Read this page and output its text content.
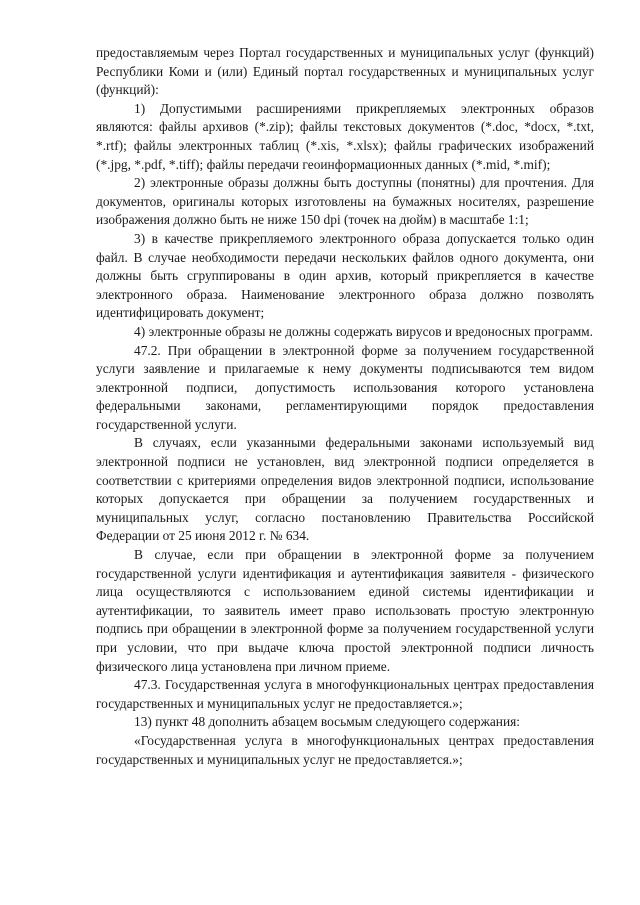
предоставляемым через Портал государственных и муниципальных услуг (функций) Республики Коми и (или) Единый портал государственных и муниципальных услуг (функций):

1) Допустимыми расширениями прикрепляемых электронных образов являются: файлы архивов (*.zip); файлы текстовых документов (*.doc, *docx, *.txt, *.rtf); файлы электронных таблиц (*.xis, *.xlsx); файлы графических изображений (*.jpg, *.pdf, *.tiff); файлы передачи геоинформационных данных (*.mid, *.mif);

2) электронные образы должны быть доступны (понятны) для прочтения. Для документов, оригиналы которых изготовлены на бумажных носителях, разрешение изображения должно быть не ниже 150 dpi (точек на дюйм) в масштабе 1:1;

3) в качестве прикрепляемого электронного образа допускается только один файл. В случае необходимости передачи нескольких файлов одного документа, они должны быть сгруппированы в один архив, который прикрепляется в качестве электронного образа. Наименование электронного образа должно позволять идентифицировать документ;

4) электронные образы не должны содержать вирусов и вредоносных программ.

47.2. При обращении в электронной форме за получением государственной услуги заявление и прилагаемые к нему документы подписываются тем видом электронной подписи, допустимость использования которого установлена федеральными законами, регламентирующими порядок предоставления государственной услуги.

В случаях, если указанными федеральными законами используемый вид электронной подписи не установлен, вид электронной подписи определяется в соответствии с критериями определения видов электронной подписи, использование которых допускается при обращении за получением государственных и муниципальных услуг, согласно постановлению Правительства Российской Федерации от 25 июня 2012 г. № 634.

В случае, если при обращении в электронной форме за получением государственной услуги идентификация и аутентификация заявителя - физического лица осуществляются с использованием единой системы идентификации и аутентификации, то заявитель имеет право использовать простую электронную подпись при обращении в электронной форме за получением государственной услуги при условии, что при выдаче ключа простой электронной подписи личность физического лица установлена при личном приеме.

47.3. Государственная услуга в многофункциональных центрах предоставления государственных и муниципальных услуг не предоставляется.»;

13) пункт 48 дополнить абзацем восьмым следующего содержания:

«Государственная услуга в многофункциональных центрах предоставления государственных и муниципальных услуг не предоставляется.»;
